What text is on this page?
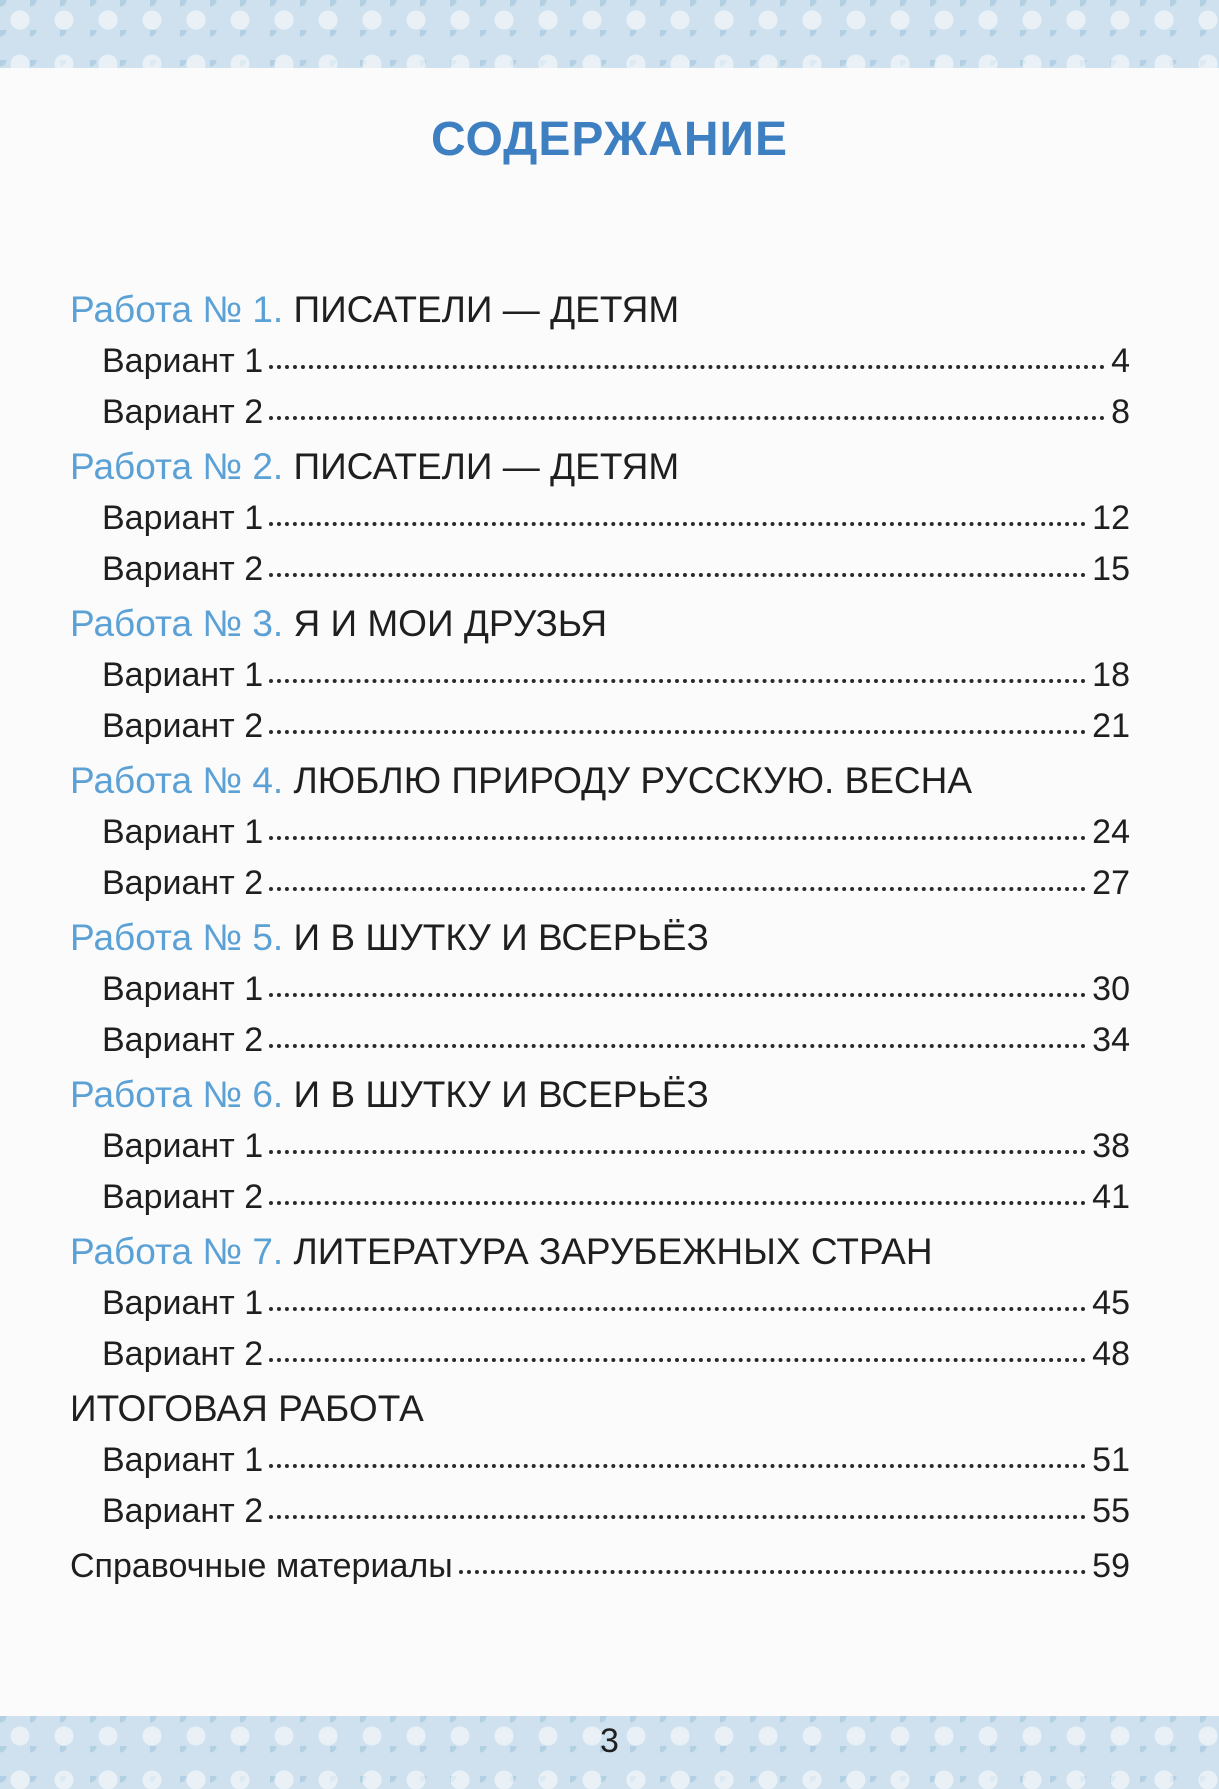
СОДЕРЖАНИЕ
Работа № 1. ПИСАТЕЛИ — ДЕТЯМ
Вариант 1	4
Вариант 2	8
Работа № 2. ПИСАТЕЛИ — ДЕТЯМ
Вариант 1	12
Вариант 2	15
Работа № 3. Я И МОИ ДРУЗЬЯ
Вариант 1	18
Вариант 2	21
Работа № 4. ЛЮБЛЮ ПРИРОДУ РУССКУЮ. ВЕСНА
Вариант 1	24
Вариант 2	27
Работа № 5. И В ШУТКУ И ВСЕРЬЁЗ
Вариант 1	30
Вариант 2	34
Работа № 6. И В ШУТКУ И ВСЕРЬЁЗ
Вариант 1	38
Вариант 2	41
Работа № 7. ЛИТЕРАТУРА ЗАРУБЕЖНЫХ СТРАН
Вариант 1	45
Вариант 2	48
ИТОГОВАЯ РАБОТА
Вариант 1	51
Вариант 2	55
Справочные материалы	59
3
